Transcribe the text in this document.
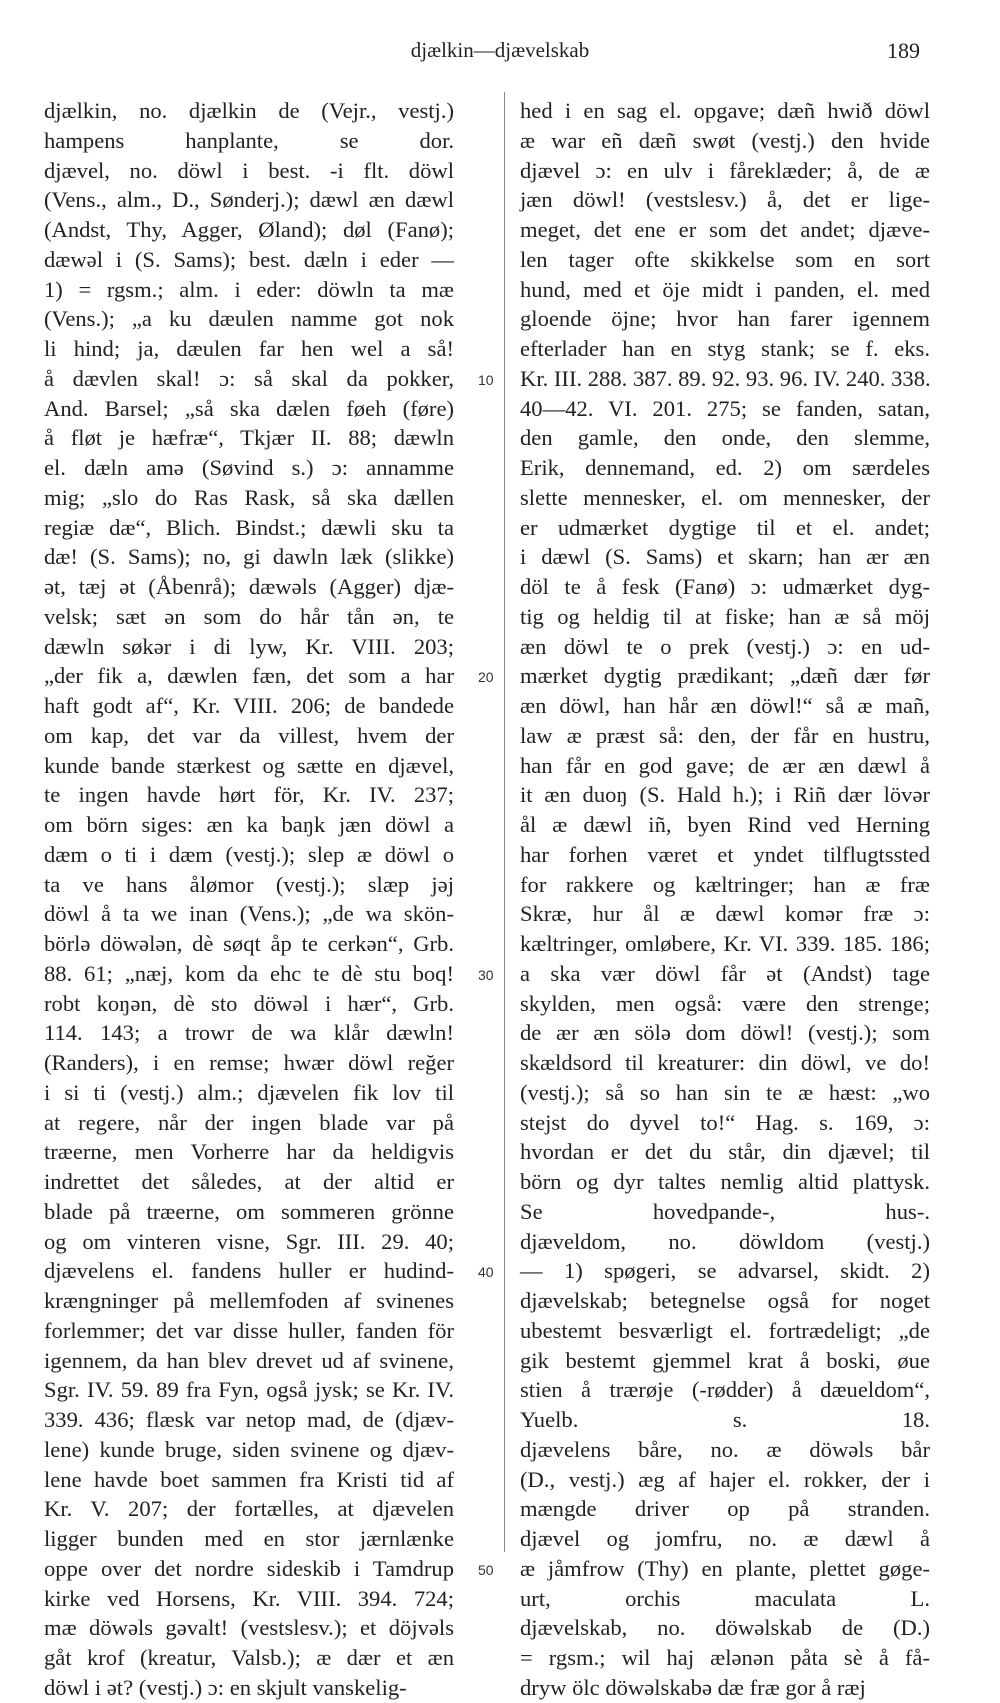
djælkin—djævelskab	189
djælkin, no. djælkin de (Vejr., vestj.)
hampens hanplante, se dor.
djævel, no. döwl i best. -i flt. döwl
(Vens., alm., D., Sønderj.); dæwl æn dæwl
(Andst, Thy, Agger, Øland); døl (Fanø);
dæwəl i (S. Sams); best. dæln i eder —
1) = rgsm.; alm. i eder: döwln ta mæ
(Vens.); „a ku dæulen namme got nok
li hind; ja, dæulen far hen wel a så!
å dævlen skal! ɔ: så skal da pokker,
And. Barsel; „så ska dælen føeh (føre)
å fløt je hæfræ“, Tkjær II. 88; dæwln
el. dæln amə (Søvind s.) ɔ: annamme
mig; „slo do Ras Rask, så ska dællen
regiæ dæ“, Blich. Bindst.; dæwli sku ta
dæ! (S. Sams); no, gi dawln læk (slikke)
ət, tæj ət (Åbenrå); dæwəls (Agger) djæ-
velsk; sæt ən som do hår tån ən, te
dæwln søkər i di lyw, Kr. VIII. 203;
„der fik a, dæwlen fæn, det som a har
haft godt af“, Kr. VIII. 206; de bandede
om kap, det var da villest, hvem der
kunde bande stærkest og sætte en djævel,
te ingen havde hørt för, Kr. IV. 237;
om börn siges: æn ka baŋk jæn döwl a
dæm o ti i dæm (vestj.); slep æ döwl o
ta ve hans ålømor (vestj.); slæp jəj
döwl å ta we inan (Vens.); „de wa skön-
börlə döwələn, dè søqt åp te cerkən“, Grb.
88. 61; „næj, kom da ehc te dè stu boq!
robt koŋən, dè sto döwəl i hær“, Grb.
114. 143; a trowr de wa klår dæwln!
(Randers), i en remse; hwær döwl reğer
i si ti (vestj.) alm.; djævelen fik lov til
at regere, når der ingen blade var på
træerne, men Vorherre har da heldigvis
indrettet det således, at der altid er
blade på træerne, om sommeren grönne
og om vinteren visne, Sgr. III. 29. 40;
djævelens el. fandens huller er hudind-
krængninger på mellemfoden af svinenes
forlemmer; det var disse huller, fanden för
igennem, da han blev drevet ud af svinene,
Sgr. IV. 59. 89 fra Fyn, også jysk; se Kr. IV.
339. 436; flæsk var netop mad, de (djæv-
lene) kunde bruge, siden svinene og djæv-
lene havde boet sammen fra Kristi tid af
Kr. V. 207; der fortælles, at djævelen
ligger bunden med en stor jærnlænke
oppe over det nordre sideskib i Tamdrup
kirke ved Horsens, Kr. VIII. 394. 724;
mæ döwəls gəvalt! (vestslesv.); et döjvəls
gåt krof (kreatur, Valsb.); æ dær et æn
döwl i ət? (vestj.) ɔ: en skjult vanskelig-
hed i en sag el. opgave; dæñ hwið döwl
æ war eñ dæñ swøt (vestj.) den hvide
djævel ɔ: en ulv i fåreklæder; å, de æ
jæn döwl! (vestslesv.) å, det er lige-
meget, det ene er som det andet; djæve-
len tager ofte skikkelse som en sort
hund, med et öje midt i panden, el. med
gloende öjne; hvor han farer igennem
efterlader han en styg stank; se f. eks.
Kr. III. 288. 387. 89. 92. 93. 96. IV. 240. 338.
40—42. VI. 201. 275; se fanden, satan,
den gamle, den onde, den slemme,
Erik, dennemand, ed. 2) om særdeles
slette mennesker, el. om mennesker, der
er udmærket dygtige til et el. andet;
i dæwl (S. Sams) et skarn; han ær æn
döl te å fesk (Fanø) ɔ: udmærket dyg-
tig og heldig til at fiske; han æ så möj
æn döwl te o prek (vestj.) ɔ: en ud-
mærket dygtig prædikant; „dæñ dær før
æn döwl, han hår æn döwl!“ så æ mañ,
law æ præst så: den, der får en hustru,
han får en god gave; de ær æn dæwl å
it æn duoŋ (S. Hald h.); i Riñ dær lövər
ål æ dæwl iñ, byen Rind ved Herning
har forhen været et yndet tilflugtssted
for rakkere og kæltringer; han æ fræ
Skræ, hur ål æ dæwl komər fræ ɔ:
kæltringer, omløbere, Kr. VI. 339. 185. 186;
a ska vær döwl får ət (Andst) tage
skylden, men også: være den strenge;
de ær æn sölə dom döwl! (vestj.); som
skældsord til kreaturer: din döwl, ve do!
(vestj.); så so han sin te æ hæst: „wo
stejst do dyvel to!“ Hag. s. 169, ɔ:
hvordan er det du står, din djævel; til
börn og dyr taltes nemlig altid plattysk.
Se hovedpande-, hus-.
djæveldom, no. döwldom (vestj.)
— 1) spøgeri, se advarsel, skidt. 2)
djævelskab; betegnelse også for noget
ubestemt besværligt el. fortrædeligt; „de
gik bestemt gjemmel krat å boski, øue
stien å trærøje (-rødder) å dæueldom“,
Yuelb. s. 18.
djævelens båre, no. æ döwəls bår
(D., vestj.) æg af hajer el. rokker, der i
mængde driver op på stranden.
djævel og jomfru, no. æ dæwl å
æ jåmfrow (Thy) en plante, plettet gøge-
urt, orchis maculata L.
djævelskab, no. döwəlskab de (D.)
= rgsm.; wil haj ælənən påta sè å få-
dryw ölc döwəlskabə dæ fræ gor å ræj
10
20
30
40
50
